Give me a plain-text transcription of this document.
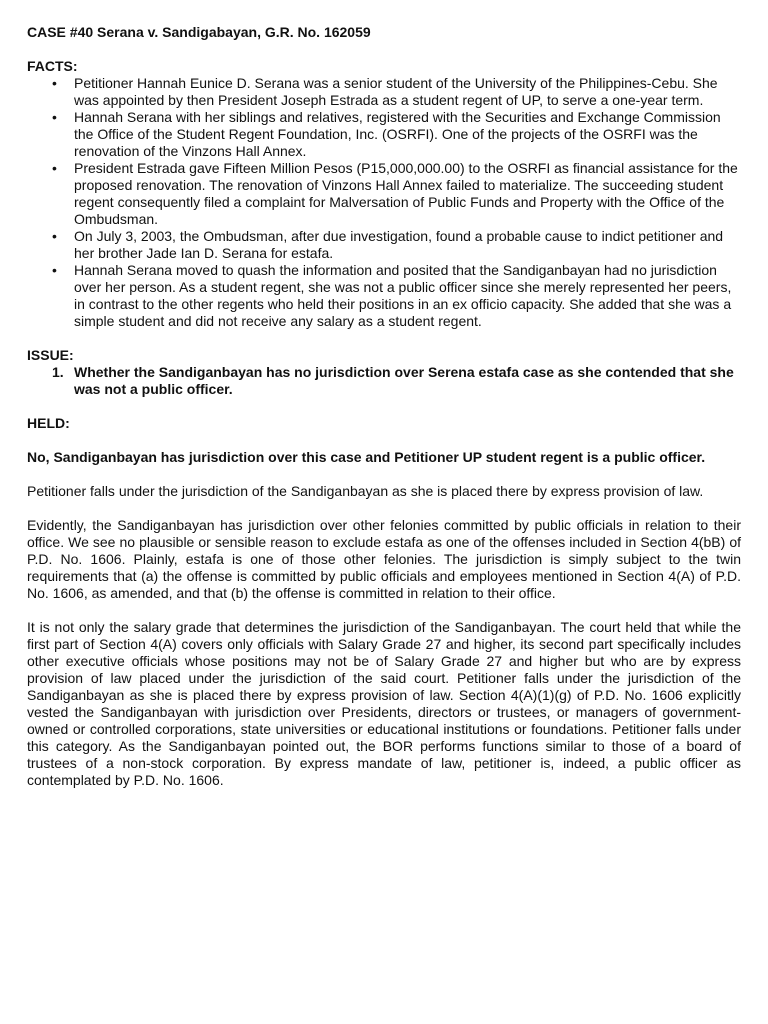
CASE #40 Serana v. Sandigabayan, G.R. No. 162059
FACTS:
• Petitioner Hannah Eunice D. Serana was a senior student of the University of the Philippines-Cebu. She was appointed by then President Joseph Estrada as a student regent of UP, to serve a one-year term.
• Hannah Serana with her siblings and relatives, registered with the Securities and Exchange Commission the Office of the Student Regent Foundation, Inc. (OSRFI). One of the projects of the OSRFI was the renovation of the Vinzons Hall Annex.
• President Estrada gave Fifteen Million Pesos (P15,000,000.00) to the OSRFI as financial assistance for the proposed renovation. The renovation of Vinzons Hall Annex failed to materialize. The succeeding student regent consequently filed a complaint for Malversation of Public Funds and Property with the Office of the Ombudsman.
• On July 3, 2003, the Ombudsman, after due investigation, found a probable cause to indict petitioner and her brother Jade Ian D. Serana for estafa.
• Hannah Serana moved to quash the information and posited that the Sandiganbayan had no jurisdiction over her person. As a student regent, she was not a public officer since she merely represented her peers, in contrast to the other regents who held their positions in an ex officio capacity. She added that she was a simple student and did not receive any salary as a student regent.
ISSUE:
1. Whether the Sandiganbayan has no jurisdiction over Serena estafa case as she contended that she was not a public officer.
HELD:

No, Sandiganbayan has jurisdiction over this case and Petitioner UP student regent is a public officer.

Petitioner falls under the jurisdiction of the Sandiganbayan as she is placed there by express provision of law.

Evidently, the Sandiganbayan has jurisdiction over other felonies committed by public officials in relation to their office. We see no plausible or sensible reason to exclude estafa as one of the offenses included in Section 4(bB) of P.D. No. 1606. Plainly, estafa is one of those other felonies. The jurisdiction is simply subject to the twin requirements that (a) the offense is committed by public officials and employees mentioned in Section 4(A) of P.D. No. 1606, as amended, and that (b) the offense is committed in relation to their office.

It is not only the salary grade that determines the jurisdiction of the Sandiganbayan. The court held that while the first part of Section 4(A) covers only officials with Salary Grade 27 and higher, its second part specifically includes other executive officials whose positions may not be of Salary Grade 27 and higher but who are by express provision of law placed under the jurisdiction of the said court. Petitioner falls under the jurisdiction of the Sandiganbayan as she is placed there by express provision of law. Section 4(A)(1)(g) of P.D. No. 1606 explicitly vested the Sandiganbayan with jurisdiction over Presidents, directors or trustees, or managers of government-owned or controlled corporations, state universities or educational institutions or foundations. Petitioner falls under this category. As the Sandiganbayan pointed out, the BOR performs functions similar to those of a board of trustees of a non-stock corporation. By express mandate of law, petitioner is, indeed, a public officer as contemplated by P.D. No. 1606.
